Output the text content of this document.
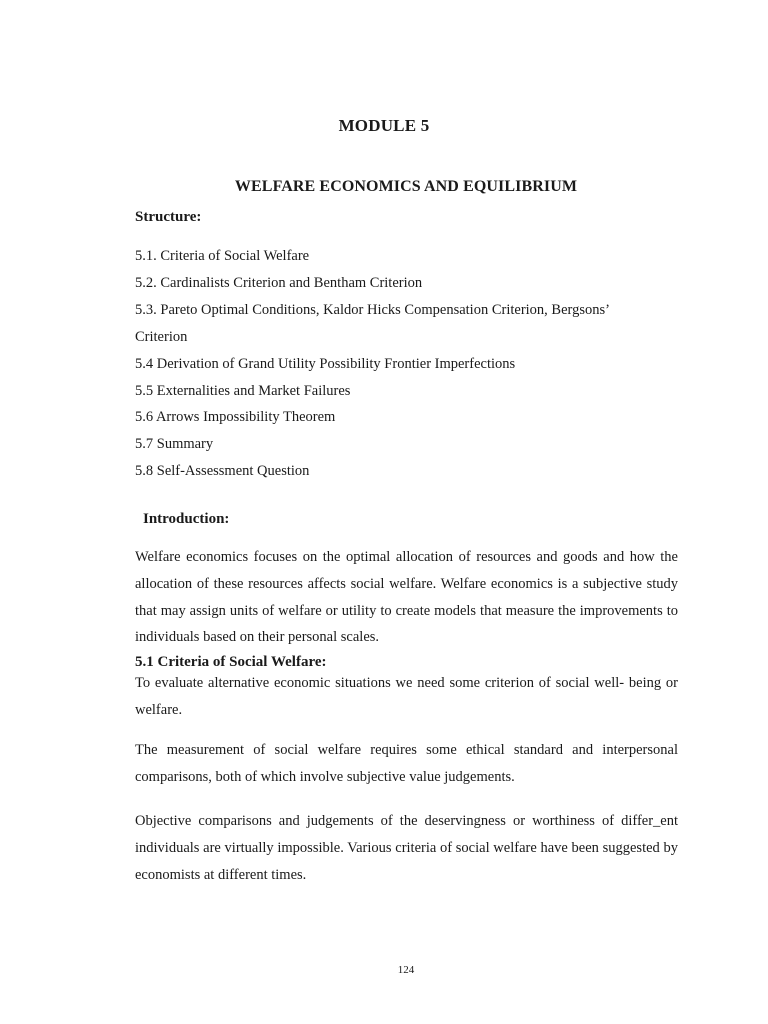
MODULE 5
WELFARE ECONOMICS AND EQUILIBRIUM
Structure:
5.1. Criteria of Social Welfare
5.2. Cardinalists Criterion and Bentham Criterion
5.3. Pareto Optimal Conditions, Kaldor Hicks Compensation Criterion, Bergsons’
Criterion
5.4 Derivation of Grand Utility Possibility Frontier Imperfections
5.5 Externalities and Market Failures
5.6 Arrows Impossibility Theorem
5.7 Summary
5.8 Self-Assessment Question
Introduction:

Welfare economics focuses on the optimal allocation of resources and goods and how the allocation of these resources affects social welfare. Welfare economics is a subjective study that may assign units of welfare or utility to create models that measure the improvements to individuals based on their personal scales.

5.1 Criteria of Social Welfare:

To evaluate alternative economic situations we need some criterion of social well- being or welfare.

The measurement of social welfare requires some ethical standard and interpersonal comparisons, both of which involve subjective value judgements.

Objective comparisons and judgements of the deservingness or worthiness of differ_ent individuals are virtually impossible. Various criteria of social welfare have been suggested by economists at different times.

124
